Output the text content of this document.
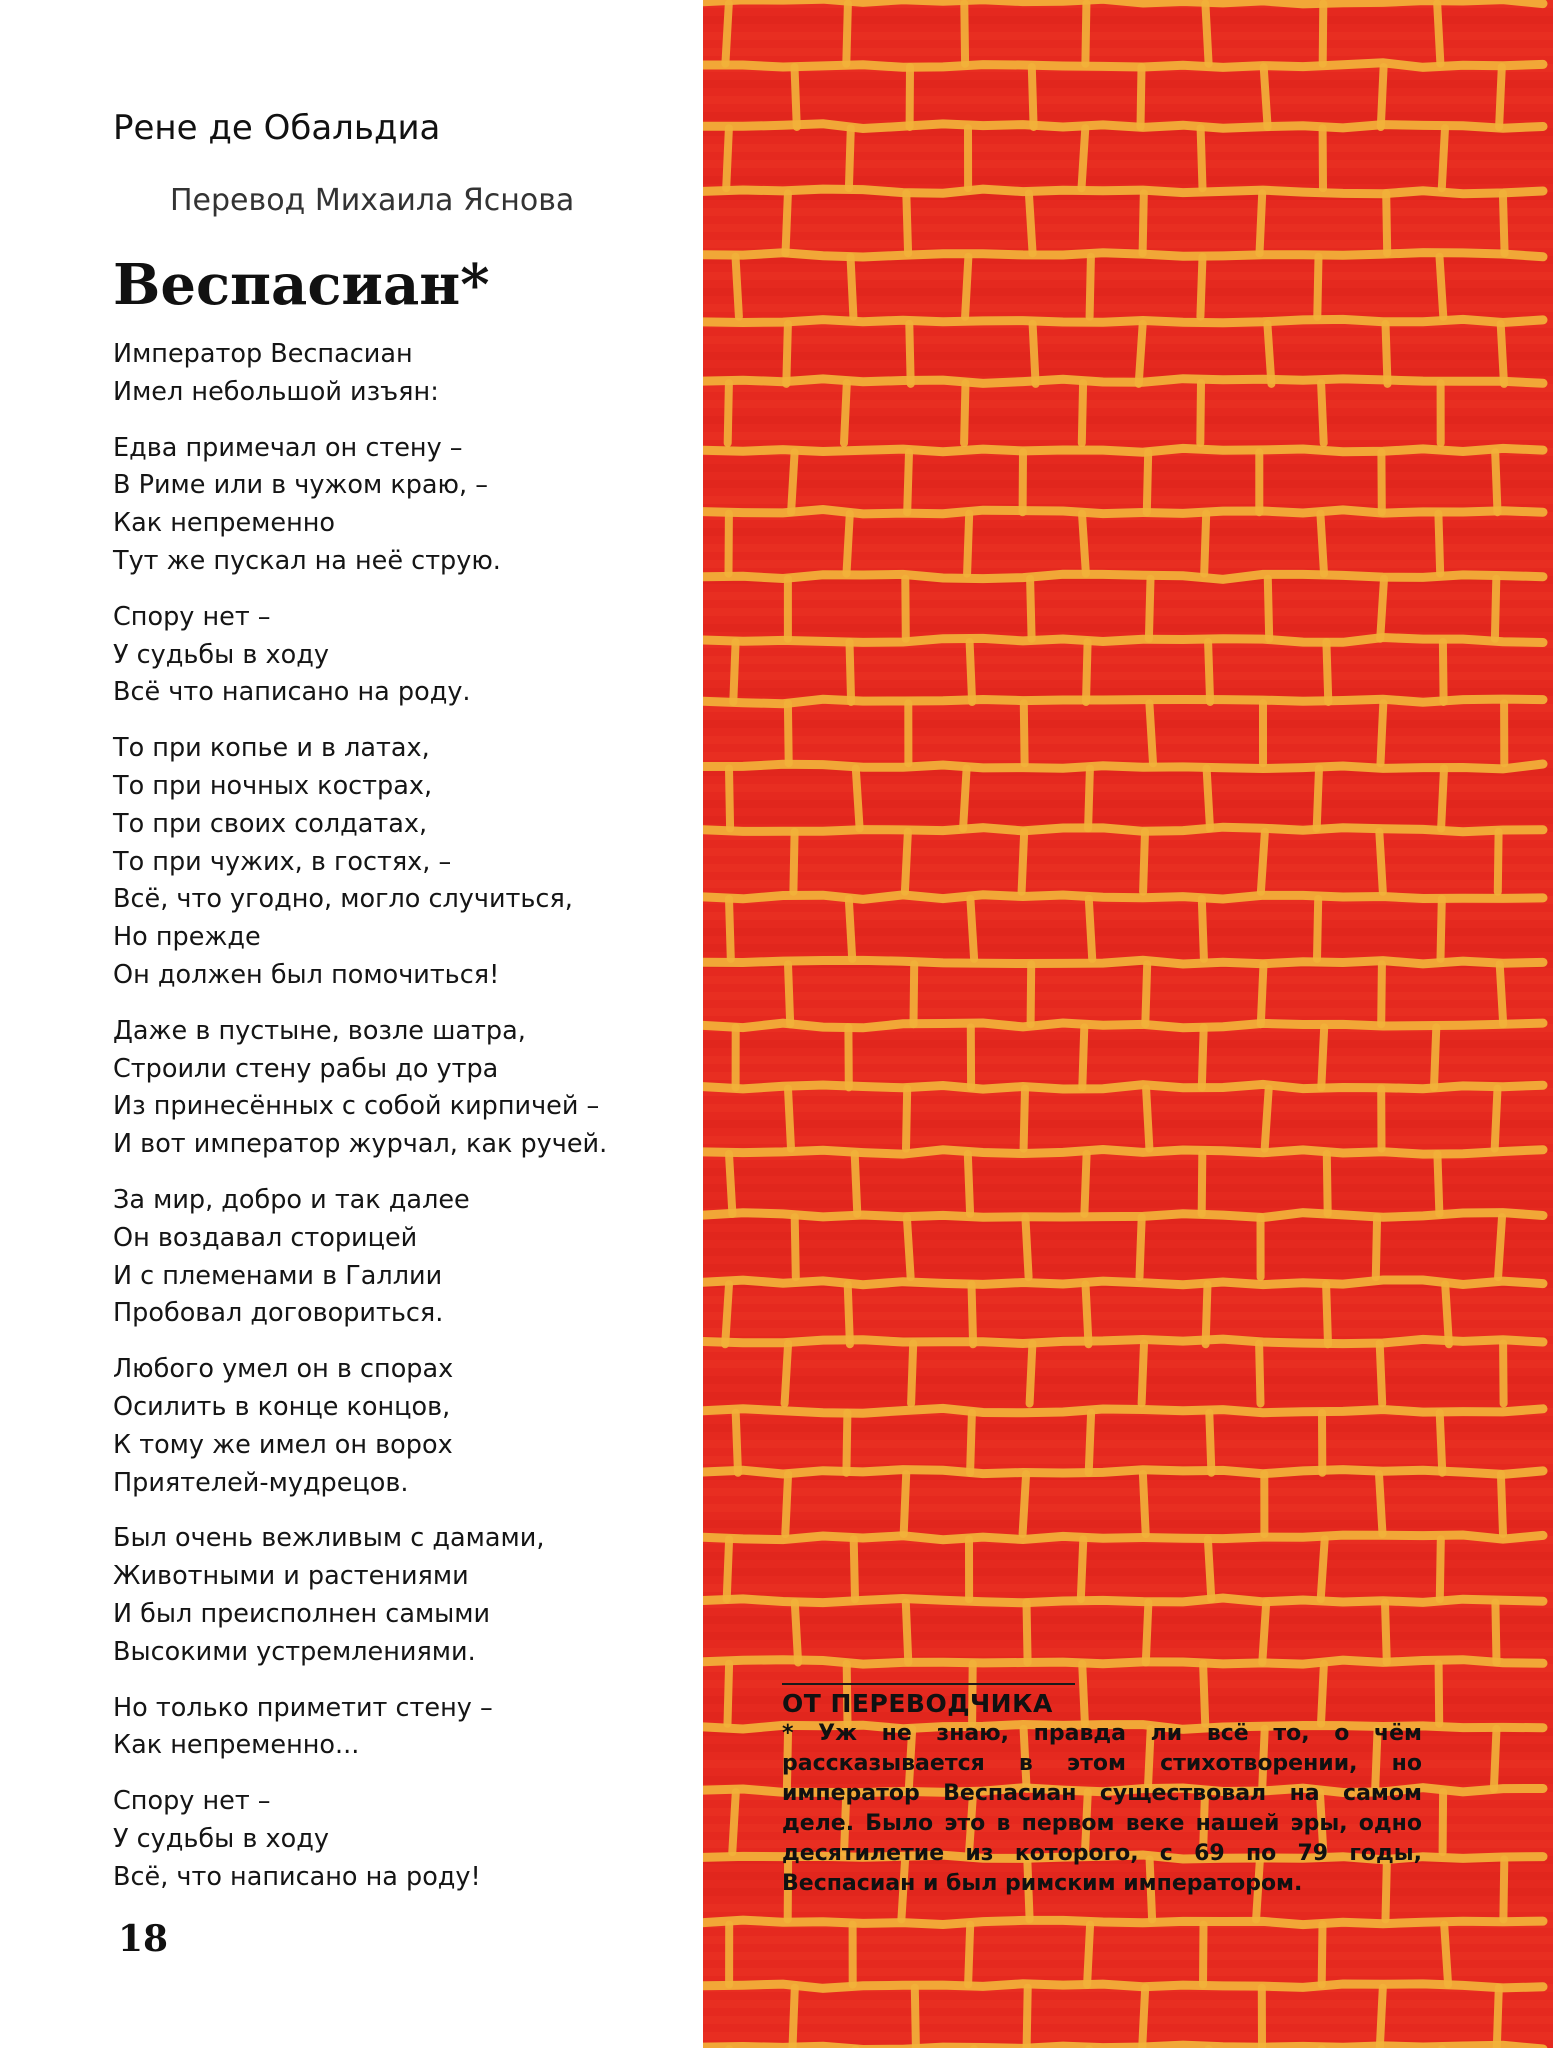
Рене де Обальдиа
Перевод Михаила Яснова
Веспасиан*
Император Веспасиан
Имел небольшой изъян:
Едва примечал он стену –
В Риме или в чужом краю, –
Как непременно
Тут же пускал на неё струю.
Спору нет –
У судьбы в ходу
Всё что написано на роду.
То при копье и в латах,
То при ночных кострах,
То при своих солдатах,
То при чужих, в гостях, –
Всё, что угодно, могло случиться,
Но прежде
Он должен был помочиться!
Даже в пустыне, возле шатра,
Строили стену рабы до утра
Из принесённых с собой кирпичей –
И вот император журчал, как ручей.
За мир, добро и так далее
Он воздавал сторицей
И с племенами в Галлии
Пробовал договориться.
Любого умел он в спорах
Осилить в конце концов,
К тому же имел он ворох
Приятелей-мудрецов.
Был очень вежливым с дамами,
Животными и растениями
И был преисполнен самыми
Высокими устремлениями.
Но только приметит стену –
Как непременно...
Спору нет –
У судьбы в ходу
Всё, что написано на роду!
18
ОТ ПЕРЕВОДЧИКА
* Уж не знаю, правда ли всё то, о чём рассказывается в этом стихотворении, но император Веспасиан существовал на самом деле. Было это в первом веке нашей эры, одно десятилетие из которого, с 69 по 79 годы, Веспасиан и был римским императором.
